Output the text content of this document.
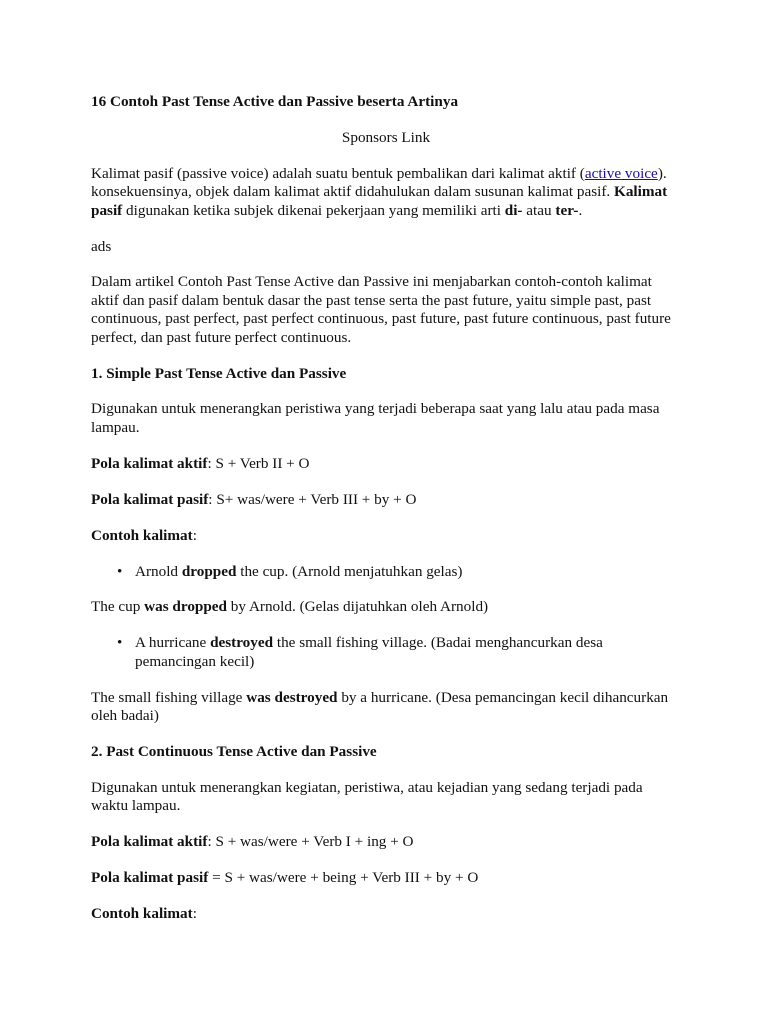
16 Contoh Past Tense Active dan Passive beserta Artinya

Sponsors Link

Kalimat pasif (passive voice) adalah suatu bentuk pembalikan dari kalimat aktif (active voice). konsekuensinya, objek dalam kalimat aktif didahulukan dalam susunan kalimat pasif. Kalimat pasif digunakan ketika subjek dikenai pekerjaan yang memiliki arti di- atau ter-.

ads

Dalam artikel Contoh Past Tense Active dan Passive ini menjabarkan contoh-contoh kalimat aktif dan pasif dalam bentuk dasar the past tense serta the past future, yaitu simple past, past continuous, past perfect, past perfect continuous, past future, past future continuous, past future perfect, dan past future perfect continuous.

1. Simple Past Tense Active dan Passive

Digunakan untuk menerangkan peristiwa yang terjadi beberapa saat yang lalu atau pada masa lampau.

Pola kalimat aktif: S + Verb II + O

Pola kalimat pasif: S+ was/were + Verb III + by + O

Contoh kalimat:

• Arnold dropped the cup. (Arnold menjatuhkan gelas)

The cup was dropped by Arnold. (Gelas dijatuhkan oleh Arnold)

• A hurricane destroyed the small fishing village. (Badai menghancurkan desa pemancingan kecil)

The small fishing village was destroyed by a hurricane. (Desa pemancingan kecil dihancurkan oleh badai)

2. Past Continuous Tense Active dan Passive

Digunakan untuk menerangkan kegiatan, peristiwa, atau kejadian yang sedang terjadi pada waktu lampau.

Pola kalimat aktif: S + was/were + Verb I + ing + O

Pola kalimat pasif = S + was/were + being + Verb III + by + O

Contoh kalimat:
